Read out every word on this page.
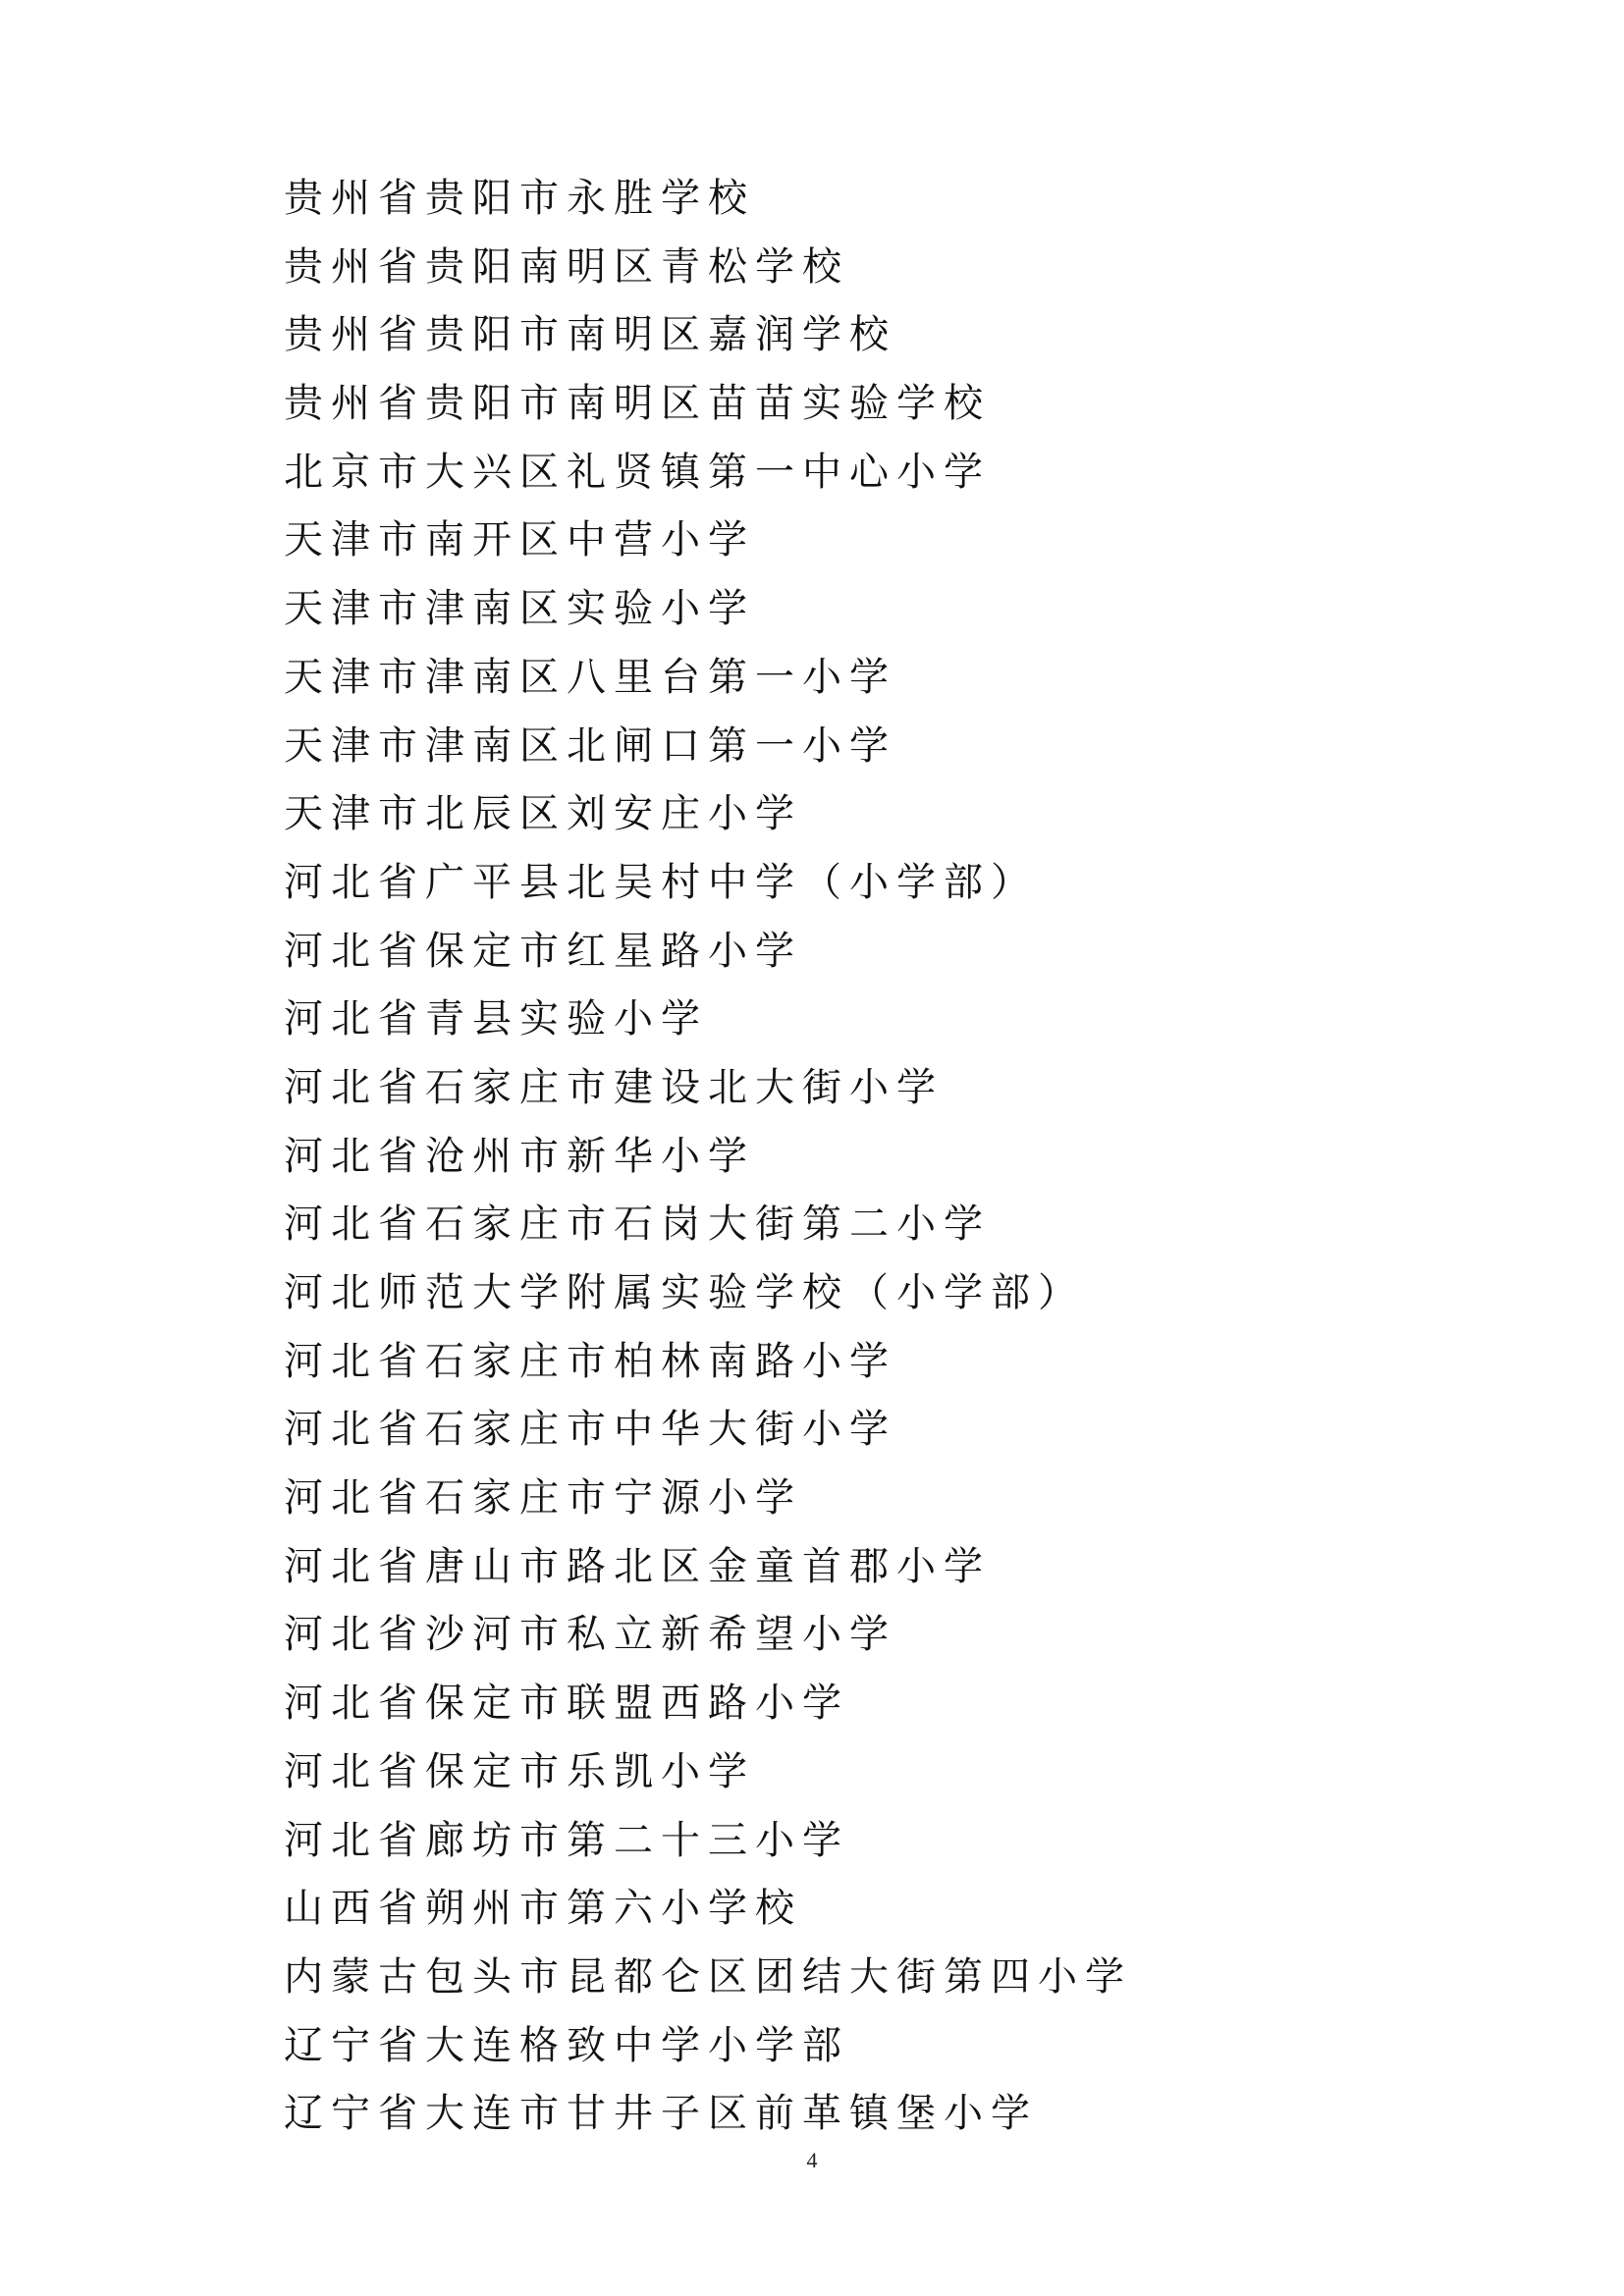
贵州省贵阳市永胜学校
贵州省贵阳南明区青松学校
贵州省贵阳市南明区嘉润学校
贵州省贵阳市南明区苗苗实验学校
北京市大兴区礼贤镇第一中心小学
天津市南开区中营小学
天津市津南区实验小学
天津市津南区八里台第一小学
天津市津南区北闸口第一小学
天津市北辰区刘安庄小学
河北省广平县北吴村中学（小学部）
河北省保定市红星路小学
河北省青县实验小学
河北省石家庄市建设北大街小学
河北省沧州市新华小学
河北省石家庄市石岗大街第二小学
河北师范大学附属实验学校（小学部）
河北省石家庄市柏林南路小学
河北省石家庄市中华大街小学
河北省石家庄市宁源小学
河北省唐山市路北区金童首郡小学
河北省沙河市私立新希望小学
河北省保定市联盟西路小学
河北省保定市乐凯小学
河北省廊坊市第二十三小学
山西省朔州市第六小学校
内蒙古包头市昆都仑区团结大街第四小学
辽宁省大连格致中学小学部
辽宁省大连市甘井子区前革镇堡小学
4
